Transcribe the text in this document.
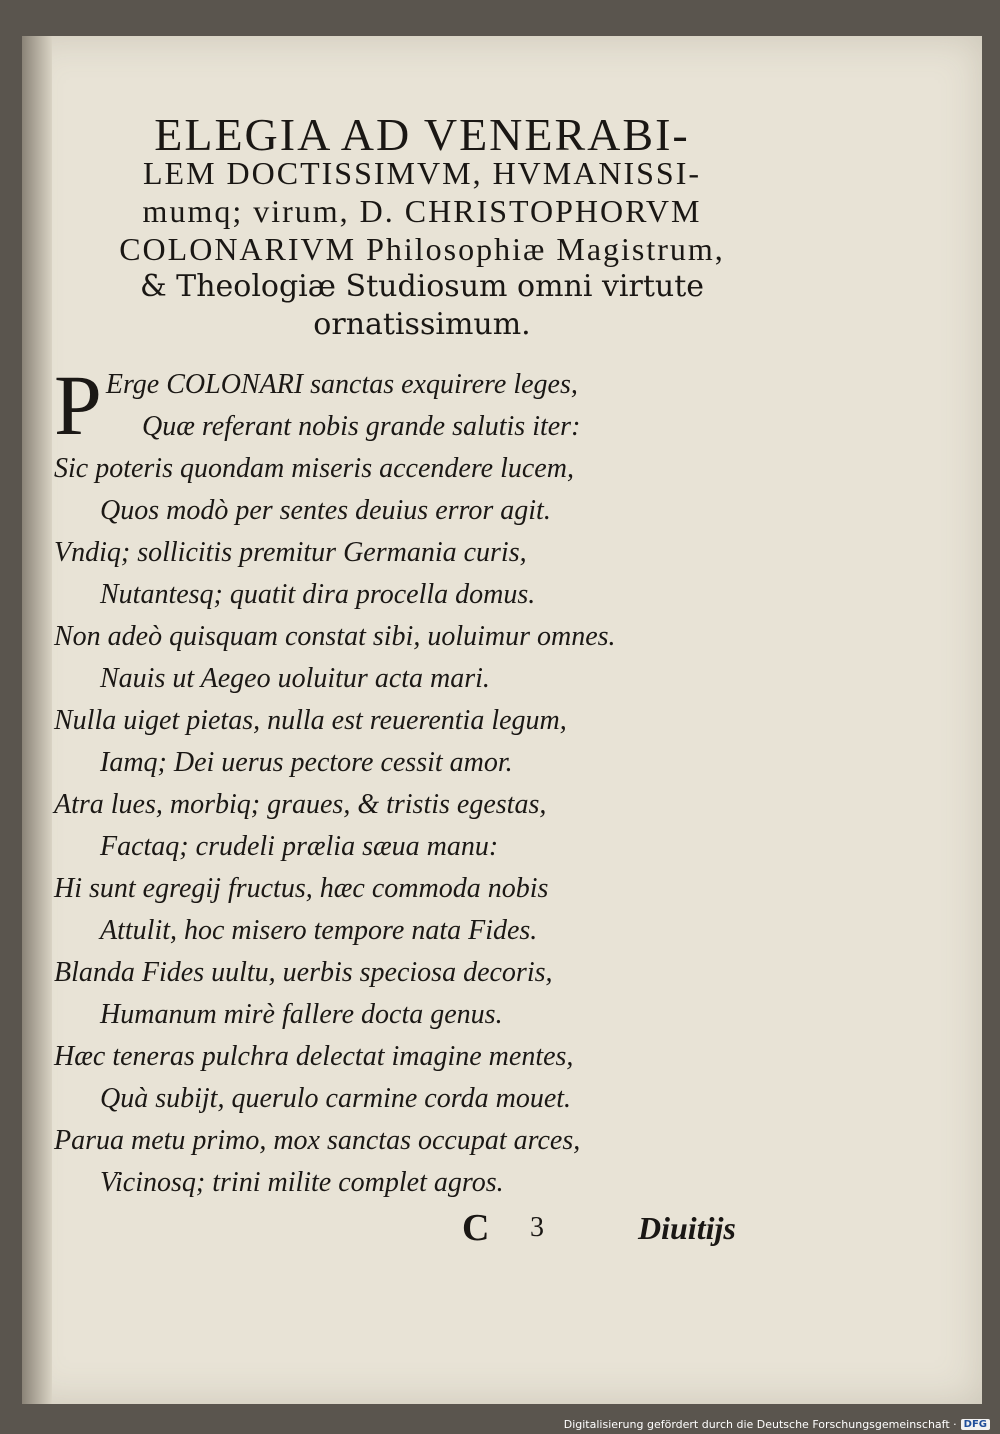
ELEGIA AD VENERABI-
LEM DOCTISSIMVM, HVMANISSI-
mumq; virum, D. CHRISTOPHORVM
COLONARIVM Philosophiæ Magistrum,
& Theologiæ Studiosum omni virtute
ornatissimum.
P Erge COLONARI sanctas exquirere leges,
Quæ referant nobis grande salutis iter:
Sic poteris quondam miseris accendere lucem,
Quos modò per sentes deuius error agit.
Vndiq; sollicitis premitur Germania curis,
Nutantesq; quatit dira procella domus.
Non adeò quisquam constat sibi, uoluimur omnes.
Nauis ut Aegeo uoluitur acta mari.
Nulla uiget pietas, nulla est reuerentia legum,
Iamq; Dei uerus pectore cessit amor.
Atra lues, morbiq; graues, & tristis egestas,
Factaq; crudeli prælia sæua manu:
Hi sunt egregij fructus, hæc commoda nobis
Attulit, hoc misero tempore nata Fides.
Blanda Fides uultu, uerbis speciosa decoris,
Humanum mirè fallere docta genus.
Hæc teneras pulchra delectat imagine mentes,
Quà subijt, querulo carmine corda mouet.
Parua metu primo, mox sanctas occupat arces,
Vicinosq; trini milite complet agros.
C 3	Diuitijs
Digitalisierung gefördert durch die Deutsche Forschungsgemeinschaft · DFG
